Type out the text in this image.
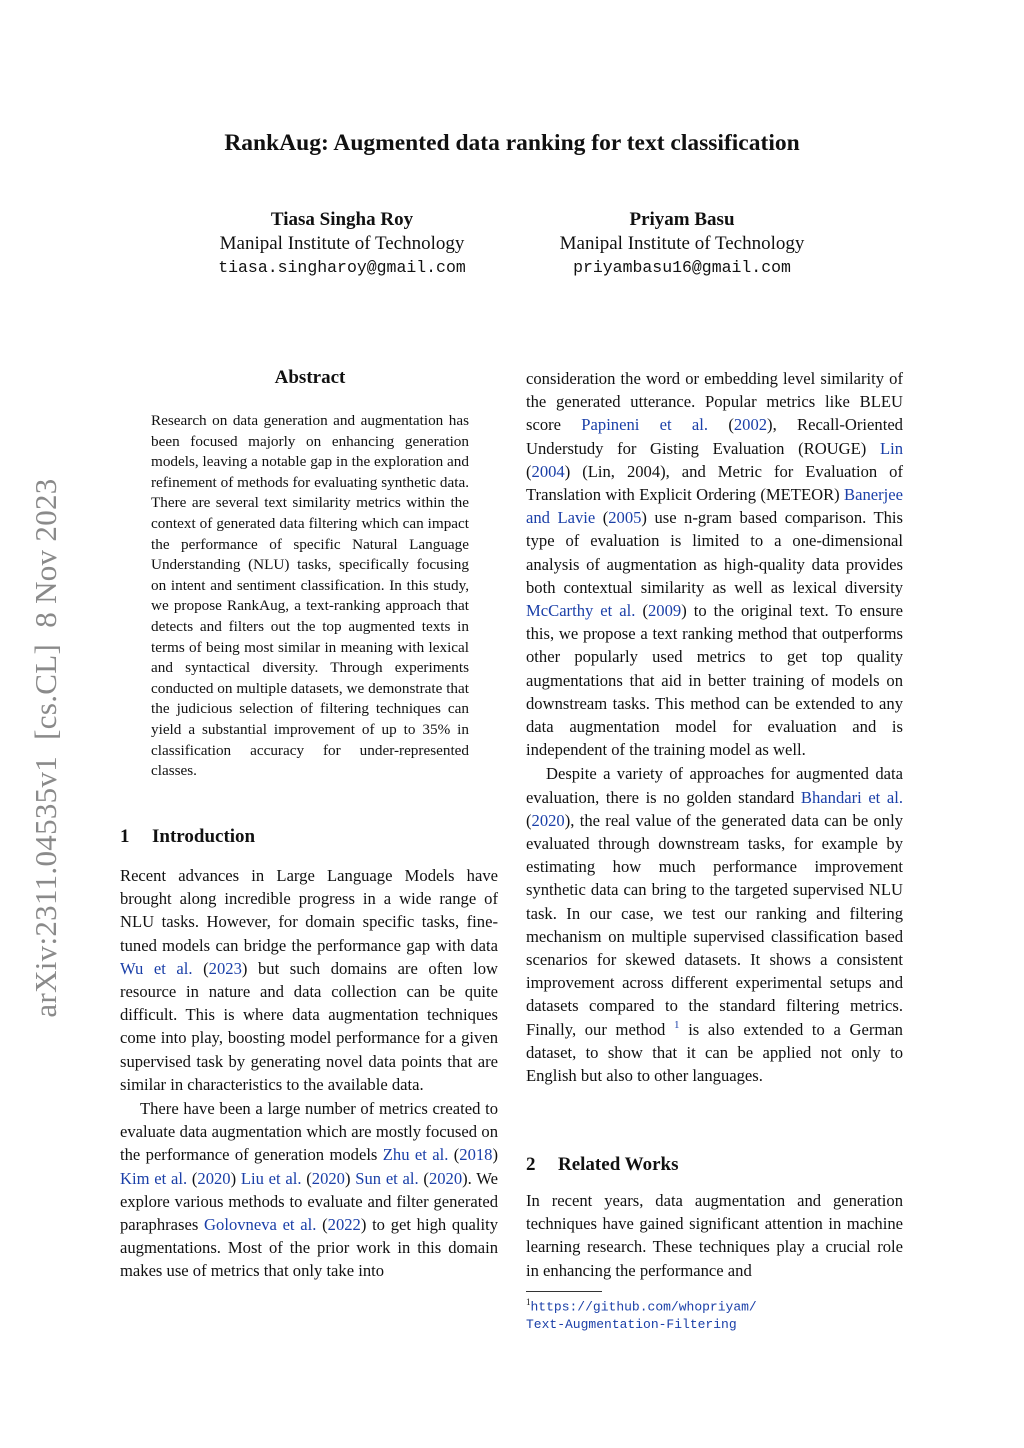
RankAug: Augmented data ranking for text classification
Tiasa Singha Roy
Manipal Institute of Technology
tiasa.singharoy@gmail.com
Priyam Basu
Manipal Institute of Technology
priyambasu16@gmail.com
arXiv:2311.04535v1  [cs.CL]  8 Nov 2023
Abstract
Research on data generation and augmentation has been focused majorly on enhancing generation models, leaving a notable gap in the exploration and refinement of methods for evaluating synthetic data. There are several text similarity metrics within the context of generated data filtering which can impact the performance of specific Natural Language Understanding (NLU) tasks, specifically focusing on intent and sentiment classification. In this study, we propose RankAug, a text-ranking approach that detects and filters out the top augmented texts in terms of being most similar in meaning with lexical and syntactical diversity. Through experiments conducted on multiple datasets, we demonstrate that the judicious selection of filtering techniques can yield a substantial improvement of up to 35% in classification accuracy for under-represented classes.
1 Introduction

Recent advances in Large Language Models have brought along incredible progress in a wide range of NLU tasks. However, for domain specific tasks, fine-tuned models can bridge the performance gap with data Wu et al. (2023) but such domains are often low resource in nature and data collection can be quite difficult. This is where data augmentation techniques come into play, boosting model performance for a given supervised task by generating novel data points that are similar in characteristics to the available data.

There have been a large number of metrics created to evaluate data augmentation which are mostly focused on the performance of generation models Zhu et al. (2018) Kim et al. (2020) Liu et al. (2020) Sun et al. (2020). We explore various methods to evaluate and filter generated paraphrases Golovneva et al. (2022) to get high quality augmentations. Most of the prior work in this domain makes use of metrics that only take into

consideration the word or embedding level similarity of the generated utterance. Popular metrics like BLEU score Papineni et al. (2002), Recall-Oriented Understudy for Gisting Evaluation (ROUGE) Lin (2004) (Lin, 2004), and Metric for Evaluation of Translation with Explicit Ordering (METEOR) Banerjee and Lavie (2005) use n-gram based comparison. This type of evaluation is limited to a one-dimensional analysis of augmentation as high-quality data provides both contextual similarity as well as lexical diversity McCarthy et al. (2009) to the original text. To ensure this, we propose a text ranking method that outperforms other popularly used metrics to get top quality augmentations that aid in better training of models on downstream tasks. This method can be extended to any data augmentation model for evaluation and is independent of the training model as well.

Despite a variety of approaches for augmented data evaluation, there is no golden standard Bhandari et al. (2020), the real value of the generated data can be only evaluated through downstream tasks, for example by estimating how much performance improvement synthetic data can bring to the targeted supervised NLU task. In our case, we test our ranking and filtering mechanism on multiple supervised classification based scenarios for skewed datasets. It shows a consistent improvement across different experimental setups and datasets compared to the standard filtering metrics. Finally, our method $^1$ is also extended to a German dataset, to show that it can be applied not only to English but also to other languages.

2 Related Works

In recent years, data augmentation and generation techniques have gained significant attention in machine learning research. These techniques play a crucial role in enhancing the performance and

$^1$https://github.com/whopriyam/
Text-Augmentation-Filtering
